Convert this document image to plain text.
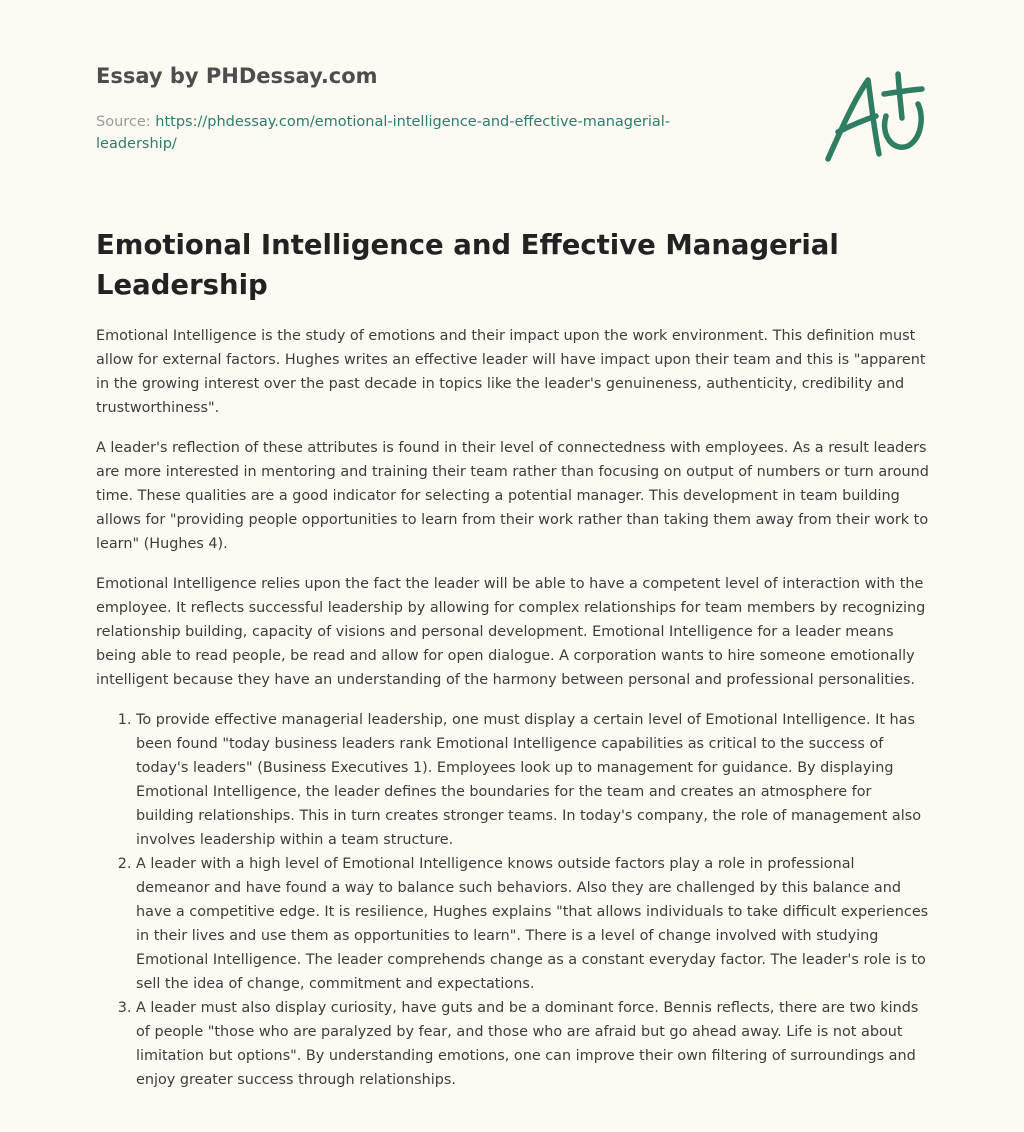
Essay by PHDessay.com
Source: https://phdessay.com/emotional-intelligence-and-effective-managerial-leadership/
Emotional Intelligence and Effective Managerial Leadership

Emotional Intelligence is the study of emotions and their impact upon the work environment. This definition must allow for external factors. Hughes writes an effective leader will have impact upon their team and this is "apparent in the growing interest over the past decade in topics like the leader's genuineness, authenticity, credibility and trustworthiness".

A leader's reflection of these attributes is found in their level of connectedness with employees. As a result leaders are more interested in mentoring and training their team rather than focusing on output of numbers or turn around time. These qualities are a good indicator for selecting a potential manager. This development in team building allows for "providing people opportunities to learn from their work rather than taking them away from their work to learn" (Hughes 4).

Emotional Intelligence relies upon the fact the leader will be able to have a competent level of interaction with the employee. It reflects successful leadership by allowing for complex relationships for team members by recognizing relationship building, capacity of visions and personal development. Emotional Intelligence for a leader means being able to read people, be read and allow for open dialogue. A corporation wants to hire someone emotionally intelligent because they have an understanding of the harmony between personal and professional personalities.

1. To provide effective managerial leadership, one must display a certain level of Emotional Intelligence. It has been found "today business leaders rank Emotional Intelligence capabilities as critical to the success of today's leaders" (Business Executives 1). Employees look up to management for guidance. By displaying Emotional Intelligence, the leader defines the boundaries for the team and creates an atmosphere for building relationships. This in turn creates stronger teams. In today's company, the role of management also involves leadership within a team structure.
2. A leader with a high level of Emotional Intelligence knows outside factors play a role in professional demeanor and have found a way to balance such behaviors. Also they are challenged by this balance and have a competitive edge. It is resilience, Hughes explains "that allows individuals to take difficult experiences in their lives and use them as opportunities to learn". There is a level of change involved with studying Emotional Intelligence. The leader comprehends change as a constant everyday factor. The leader's role is to sell the idea of change, commitment and expectations.
3. A leader must also display curiosity, have guts and be a dominant force. Bennis reflects, there are two kinds of people "those who are paralyzed by fear, and those who are afraid but go ahead away. Life is not about limitation but options". By understanding emotions, one can improve their own filtering of surroundings and enjoy greater success through relationships.
